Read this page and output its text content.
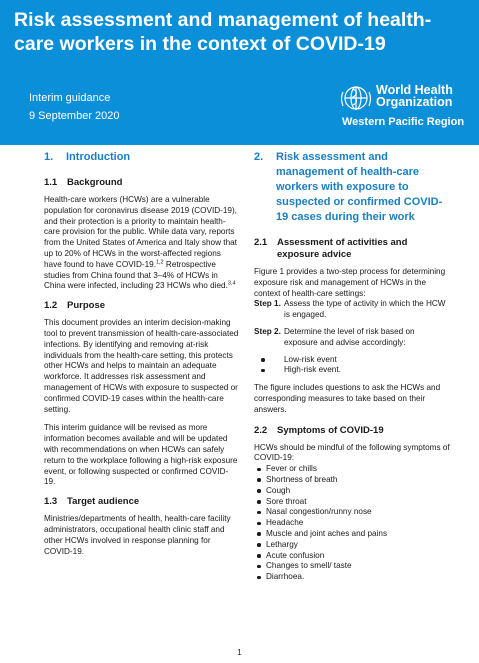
Risk assessment and management of health-care workers in the context of COVID-19
Interim guidance
9 September 2020
World Health
Organization
Western Pacific Region
1.	Introduction
1.1	Background

Health-care workers (HCWs) are a vulnerable population for coronavirus disease 2019 (COVID-19), and their protection is a priority to maintain health-care provision for the public. While data vary, reports from the United States of America and Italy show that up to 20% of HCWs in the worst-affected regions have found to have COVID-19.$^{1,2}$ Retrospective studies from China found that 3–4% of HCWs in China were infected, including 23 HCWs who died.$^{3,4}$

1.2	Purpose

This document provides an interim decision-making tool to prevent transmission of health-care-associated infections. By identifying and removing at-risk individuals from the health-care setting, this protects other HCWs and helps to maintain an adequate workforce. It addresses risk assessment and management of HCWs with exposure to suspected or confirmed COVID-19 cases within the health-care setting.

This interim guidance will be revised as more information becomes available and will be updated with recommendations on when HCWs can safely return to the workplace following a high-risk exposure event, or following suspected or confirmed COVID-19.

1.3	Target audience

Ministries/departments of health, health-care facility administrators, occupational health clinic staff and other HCWs involved in response planning for COVID-19.

2.	Risk assessment and management of health-care workers with exposure to suspected or confirmed COVID-19 cases during their work
2.1	Assessment of activities and exposure advice

Figure 1 provides a two-step process for determining exposure risk and management of HCWs in the context of health-care settings:

Step 1. Assess the type of activity in which the HCW is engaged.
Step 2. Determine the level of risk based on exposure and advise accordingly:
Low-risk event
High-risk event.

The figure includes questions to ask the HCWs and corresponding measures to take based on their answers.

2.2	Symptoms of COVID-19

HCWs should be mindful of the following symptoms of COVID-19:

Fever or chills
Shortness of breath
Cough
Sore throat
Nasal congestion/runny nose
Headache
Muscle and joint aches and pains
Lethargy
Acute confusion
Changes to smell/ taste
Diarrhoea.
1
